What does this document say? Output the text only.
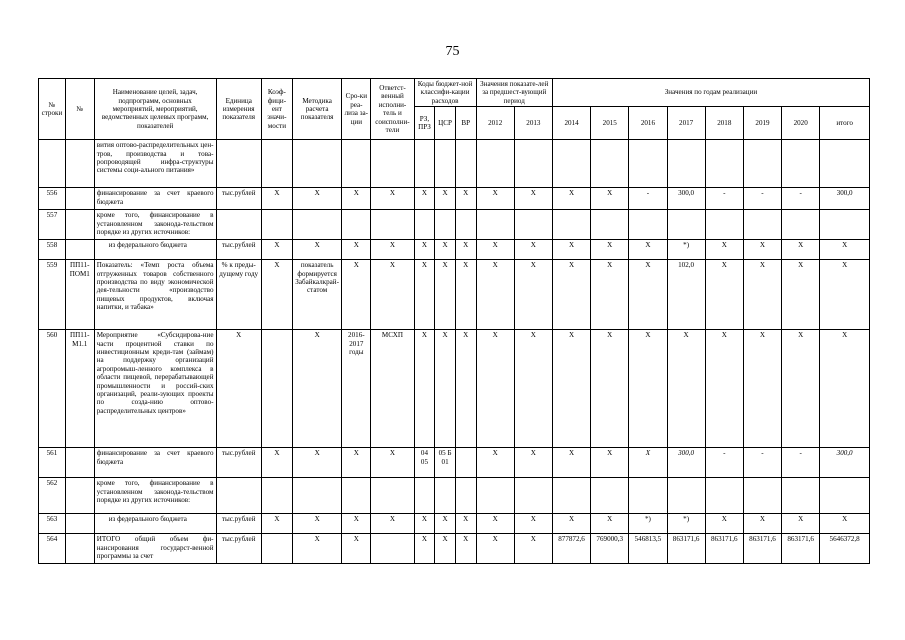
75
№ строки	№	Наименование целей, задач, подпрограмм, основных мероприятий, мероприятий, ведомственных целевых программ, показателей	Единица измерения показателя	Коэф-фици-ент значи-мости	Методика расчета показателя	Сро-ки реа-лиза за-ции	Ответст-венный исполни-тель и соисполни-тели	Коды бюджет-ной классифи-кации расходов			Значения показате-лей за предшест-вующий период		Значения по годам реализации							
								РЗ, ПРЗ	ЦСР	ВР	2012	2013	2014	2015	2016	2017	2018	2019	2020	итого
		вития оптово-распределительных цен-тров, производства и това-ропроводящей инфра-структуры системы соци-ального питания»																		
556		финансирование за счет краевого бюджета	тыс.рублей	X	X	X	X	X	X	X	X	X	X	X	-	300,0	-	-	-	300,0
557		кроме того, финансирование в установленном законода-тельством порядке из других источников:																		
558		из федерального бюджета	тыс.рублей	X	X	X	X	X	X	X	X	X	X	X	X	*)	X	X	X	X
559	ПП11-ПОМ1	Показатель: «Темп роста объема отгруженных товаров собственного производства по виду экономической дея-тельности «производство пищевых продуктов, включая напитки, и табака»	% к преды-дущему году	X	показатель формируется Забайкалкрай-статом	X	X	X	X	X	X	X	X	X	X	102,0	X	X	X	X
560	ПП11-М1.1	Мероприятие «Субсидирова-ние части процентной ставки по инвестиционным креди-там (займам) на поддержку организаций агропромыш-ленного комплекса в области пищевой, перерабатывающей промышленности и россий-ских организаций, реали-зующих проекты по созда-нию оптово-распределительных центров»	X		X	2016-2017 годы	МСХП	X	X	X	X	X	X	X	X	X	X	X	X	X
561		финансирование за счет краевого бюджета	тыс.рублей	X	X	X	X	04 05	05 Б 01		X	X	X	X	X	300,0	-	-	-	300,0
562		кроме того, финансирование в установленном законода-тельством порядке из других источников:																		
563		из федерального бюджета	тыс.рублей	X	X	X	X	X	X	X	X	X	X	X	*)	*)	X	X	X	X
564		ИТОГО общий объем фи-нансирования государст-венной программы за счет	тыс.рублей		X	X		X	X	X	X	X	877872,6	769000,3	546813,5	863171,6	863171,6	863171,6	863171,6	5646372,8
